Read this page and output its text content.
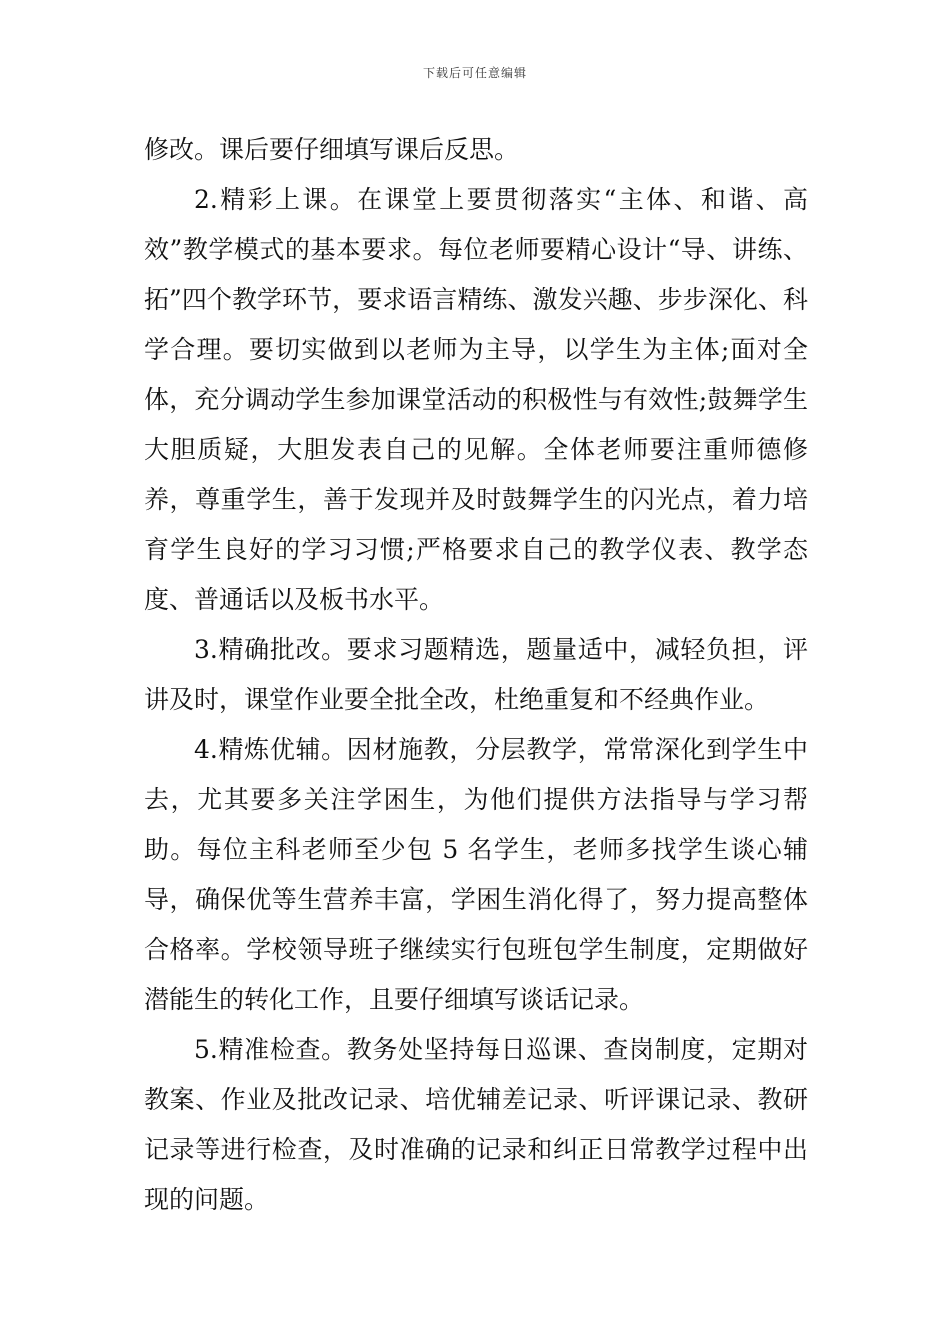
下载后可任意编辑

修改。课后要仔细填写课后反思。

2.精彩上课。在课堂上要贯彻落实“主体、和谐、高效”教学模式的基本要求。每位老师要精心设计“导、讲练、拓”四个教学环节，要求语言精练、激发兴趣、步步深化、科学合理。要切实做到以老师为主导，以学生为主体;面对全体，充分调动学生参加课堂活动的积极性与有效性;鼓舞学生大胆质疑，大胆发表自己的见解。全体老师要注重师德修养，尊重学生，善于发现并及时鼓舞学生的闪光点，着力培育学生良好的学习习惯;严格要求自己的教学仪表、教学态度、普通话以及板书水平。

3.精确批改。要求习题精选，题量适中，减轻负担，评讲及时，课堂作业要全批全改，杜绝重复和不经典作业。

4.精炼优辅。因材施教，分层教学，常常深化到学生中去，尤其要多关注学困生，为他们提供方法指导与学习帮助。每位主科老师至少包 5 名学生，老师多找学生谈心辅导，确保优等生营养丰富，学困生消化得了，努力提高整体合格率。学校领导班子继续实行包班包学生制度，定期做好潜能生的转化工作，且要仔细填写谈话记录。

5.精准检查。教务处坚持每日巡课、查岗制度，定期对教案、作业及批改记录、培优辅差记录、听评课记录、教研记录等进行检查，及时准确的记录和纠正日常教学过程中出现的问题。
